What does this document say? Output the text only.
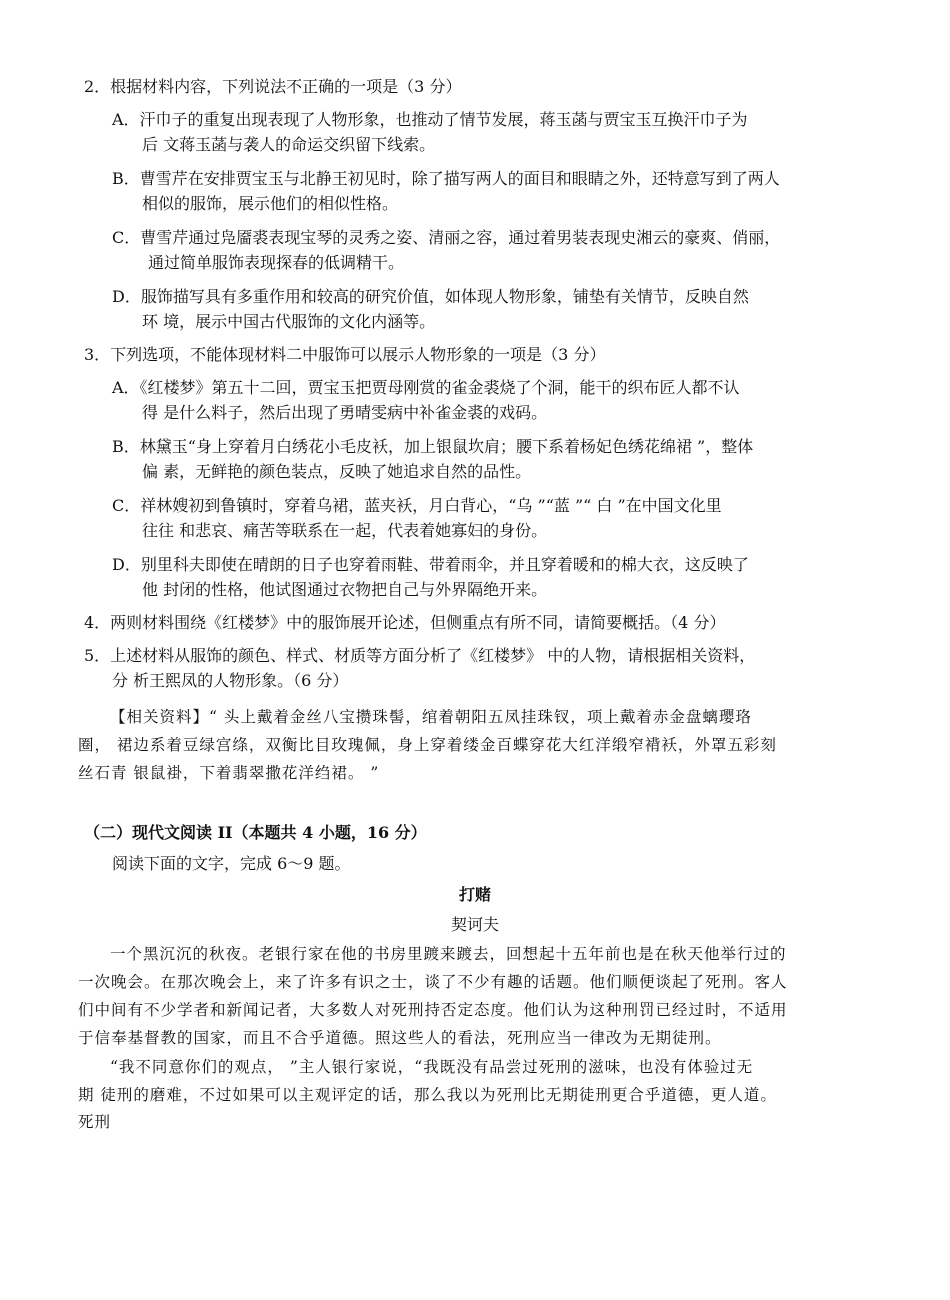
2．根据材料内容，下列说法不正确的一项是（3 分）
A．汗巾子的重复出现表现了人物形象，也推动了情节发展，蒋玉菡与贾宝玉互换汗巾子为
后 文蒋玉菡与袭人的命运交织留下线索。
B．曹雪芹在安排贾宝玉与北静王初见时，除了描写两人的面目和眼睛之外，还特意写到了两人
相似的服饰，展示他们的相似性格。
C．曹雪芹通过凫靥裘表现宝琴的灵秀之姿、清丽之容，通过着男装表现史湘云的豪爽、俏丽，
通过简单服饰表现探春的低调精干。
D．服饰描写具有多重作用和较高的研究价值，如体现人物形象，铺垫有关情节，反映自然
环 境，展示中国古代服饰的文化内涵等。
3．下列选项，不能体现材料二中服饰可以展示人物形象的一项是（3 分）
A．《红楼梦》第五十二回，贾宝玉把贾母刚赏的雀金裘烧了个洞，能干的织布匠人都不认
得 是什么料子，然后出现了勇晴雯病中补雀金裘的戏码。
B．林黛玉“身上穿着月白绣花小毛皮袄，加上银鼠坎肩；腰下系着杨妃色绣花绵裙 ”，整体
偏 素，无鲜艳的颜色装点，反映了她追求自然的品性。
C．祥林嫂初到鲁镇时，穿着乌裙，蓝夹袄，月白背心，“乌 ”“蓝 ”“ 白 ”在中国文化里
往往 和悲哀、痛苦等联系在一起，代表着她寡妇的身份。
D．别里科夫即使在晴朗的日子也穿着雨鞋、带着雨伞，并且穿着暖和的棉大衣，这反映了
他 封闭的性格，他试图通过衣物把自己与外界隔绝开来。
4．两则材料围绕《红楼梦》中的服饰展开论述，但侧重点有所不同，请简要概括。（4 分）
5．上述材料从服饰的颜色、样式、材质等方面分析了《红楼梦》 中的人物，请根据相关资料，
分 析王熙凤的人物形象。（6 分）
【相关资料】“ 头上戴着金丝八宝攒珠髻，绾着朝阳五凤挂珠钗，项上戴着赤金盘螭璎珞
圈， 裙边系着豆绿宫绦，双衡比目玫瑰佩，身上穿着缕金百蝶穿花大红洋缎窄褙袄，外罩五彩刻
丝石青 银鼠褂，下着翡翠撒花洋绉裙。 ”
（二）现代文阅读 II（本题共 4 小题，16 分）
阅读下面的文字，完成 6～9 题。
打赌
契诃夫
一个黑沉沉的秋夜。老银行家在他的书房里踱来踱去，回想起十五年前也是在秋天他举行过的
一次晚会。在那次晚会上，来了许多有识之士，谈了不少有趣的话题。他们顺便谈起了死刑。客人
们中间有不少学者和新闻记者，大多数人对死刑持否定态度。他们认为这种刑罚已经过时，不适用
于信奉基督教的国家，而且不合乎道德。照这些人的看法，死刑应当一律改为无期徒刑。
“我不同意你们的观点， ”主人银行家说，“我既没有品尝过死刑的滋味，也没有体验过无
期 徒刑的磨难，不过如果可以主观评定的话，那么我以为死刑比无期徒刑更合乎道德，更人道。
死刑
